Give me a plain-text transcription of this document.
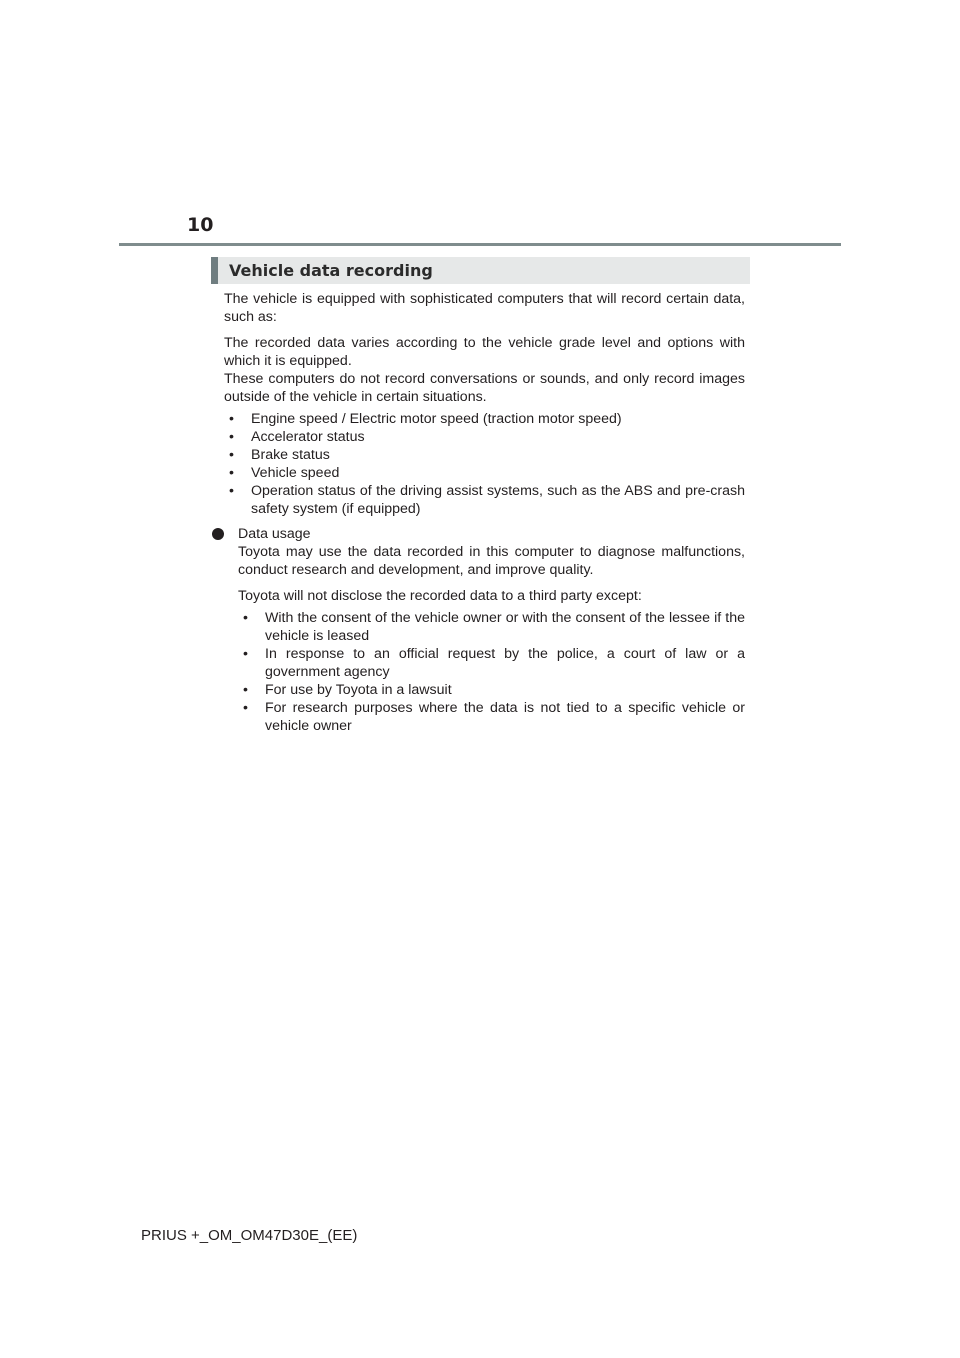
10
Vehicle data recording

The vehicle is equipped with sophisticated computers that will record certain data, such as:

The recorded data varies according to the vehicle grade level and options with which it is equipped.

These computers do not record conversations or sounds, and only record images outside of the vehicle in certain situations.

• Engine speed / Electric motor speed (traction motor speed)
• Accelerator status
• Brake status
• Vehicle speed
• Operation status of the driving assist systems, such as the ABS and pre-crash safety system (if equipped)

Data usage

Toyota may use the data recorded in this computer to diagnose malfunctions, conduct research and development, and improve quality.

Toyota will not disclose the recorded data to a third party except:

• With the consent of the vehicle owner or with the consent of the lessee if the vehicle is leased
• In response to an official request by the police, a court of law or a government agency
• For use by Toyota in a lawsuit
• For research purposes where the data is not tied to a specific vehicle or vehicle owner
PRIUS +_OM_OM47D30E_(EE)
